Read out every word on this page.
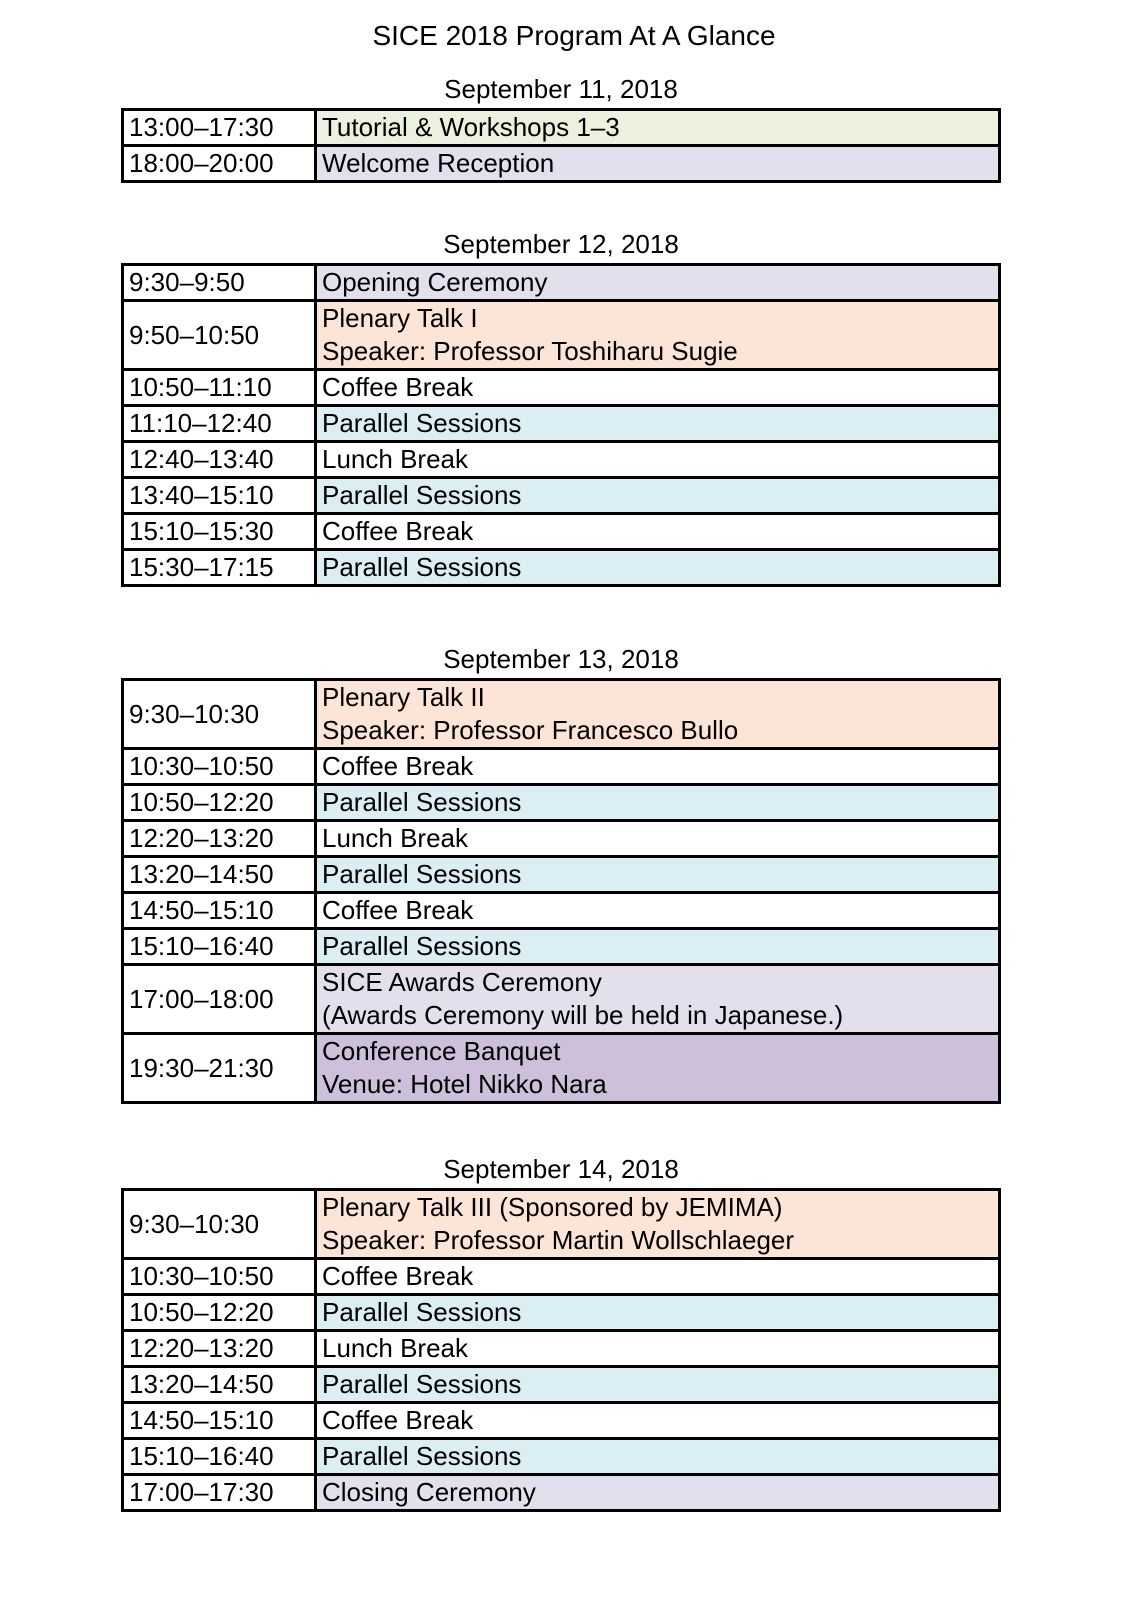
SICE 2018 Program At A Glance
September 11, 2018
13:00–17:30	Tutorial & Workshops 1–3

18:00–20:00	Welcome Reception
September 12, 2018
9:30–9:50	Opening Ceremony

9:50–10:50	Plenary Talk I
Speaker: Professor Toshiharu Sugie

10:50–11:10	Coffee Break

11:10–12:40	Parallel Sessions

12:40–13:40	Lunch Break

13:40–15:10	Parallel Sessions

15:10–15:30	Coffee Break

15:30–17:15	Parallel Sessions
September 13, 2018
9:30–10:30	Plenary Talk II
Speaker: Professor Francesco Bullo

10:30–10:50	Coffee Break

10:50–12:20	Parallel Sessions

12:20–13:20	Lunch Break

13:20–14:50	Parallel Sessions

14:50–15:10	Coffee Break

15:10–16:40	Parallel Sessions

17:00–18:00	SICE Awards Ceremony
(Awards Ceremony will be held in Japanese.)

19:30–21:30	Conference Banquet
Venue: Hotel Nikko Nara
September 14, 2018
9:30–10:30	Plenary Talk III (Sponsored by JEMIMA)
Speaker: Professor Martin Wollschlaeger

10:30–10:50	Coffee Break

10:50–12:20	Parallel Sessions

12:20–13:20	Lunch Break

13:20–14:50	Parallel Sessions

14:50–15:10	Coffee Break

15:10–16:40	Parallel Sessions

17:00–17:30	Closing Ceremony
